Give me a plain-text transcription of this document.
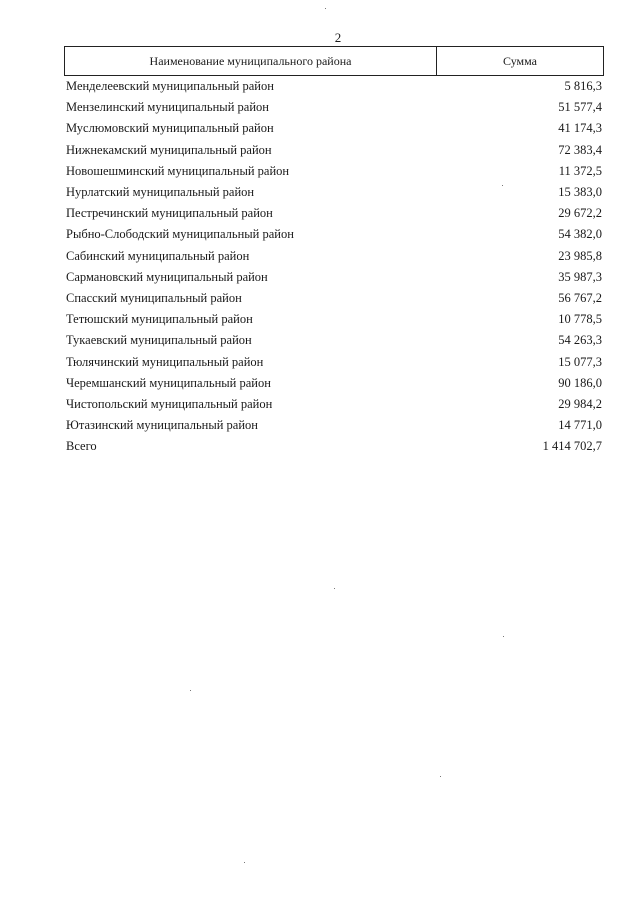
2
Наименование муниципального района	Сумма
Менделеевский муниципальный район	5 816,3
Мензелинский муниципальный район	51 577,4
Муслюмовский муниципальный район	41 174,3
Нижнекамский муниципальный район	72 383,4
Новошешминский муниципальный район	11 372,5
Нурлатский муниципальный район	15 383,0
Пестречинский муниципальный район	29 672,2
Рыбно-Слободский муниципальный район	54 382,0
Сабинский муниципальный район	23 985,8
Сармановский муниципальный район	35 987,3
Спасский муниципальный район	56 767,2
Тетюшский муниципальный район	10 778,5
Тукаевский муниципальный район	54 263,3
Тюлячинский муниципальный район	15 077,3
Черемшанский муниципальный район	90 186,0
Чистопольский муниципальный район	29 984,2
Ютазинский муниципальный район	14 771,0
Всего	1 414 702,7
